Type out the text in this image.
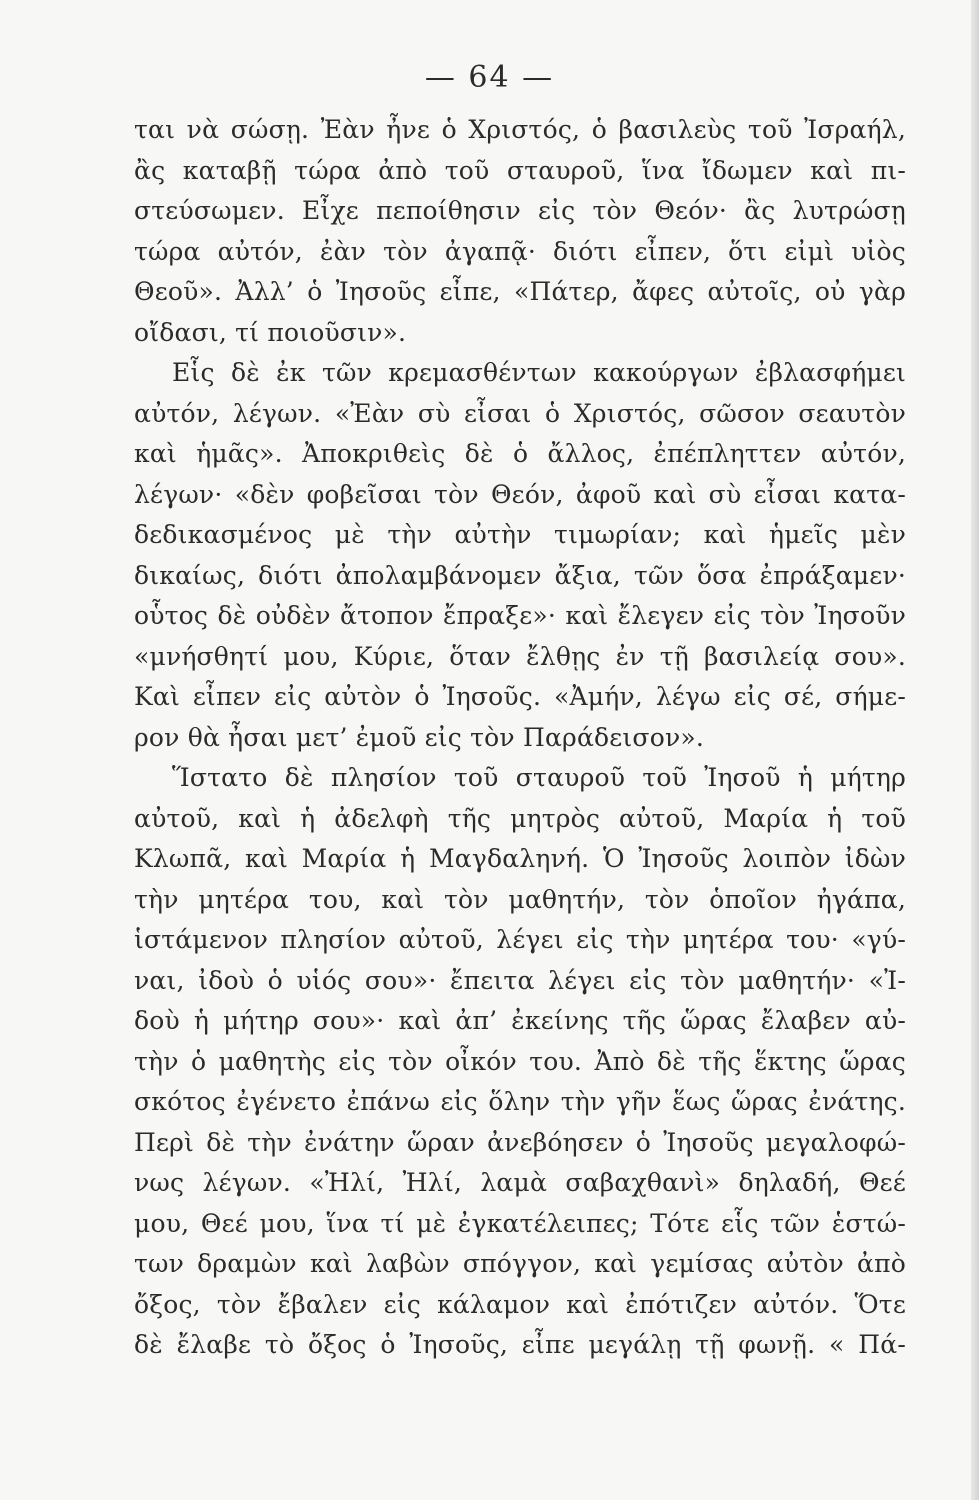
— 64 —
ται νὰ σώσῃ. Ἐὰν ἦνε ὁ Χριστός, ὁ βασιλεὺς τοῦ Ἰσραήλ,
ἂς καταβῇ τώρα ἀπὸ τοῦ σταυροῦ, ἵνα ἴδωμεν καὶ πι-
στεύσωμεν. Εἶχε πεποίθησιν εἰς τὸν Θεόν· ἂς λυτρώσῃ
τώρα αὐτόν, ἐὰν τὸν ἀγαπᾷ· διότι εἶπεν, ὅτι εἰμὶ υἱὸς
Θεοῦ». Ἀλλ’ ὁ Ἰησοῦς εἶπε, «Πάτερ, ἄφες αὐτοῖς, οὐ γὰρ
οἴδασι, τί ποιοῦσιν».
Εἷς δὲ ἐκ τῶν κρεμασθέντων κακούργων ἐβλασφήμει
αὐτόν, λέγων. «Ἐὰν σὺ εἶσαι ὁ Χριστός, σῶσον σεαυτὸν
καὶ ἡμᾶς». Ἀποκριθεὶς δὲ ὁ ἄλλος, ἐπέπληττεν αὐτόν,
λέγων· «δὲν φοβεῖσαι τὸν Θεόν, ἀφοῦ καὶ σὺ εἶσαι κατα-
δεδικασμένος μὲ τὴν αὐτὴν τιμωρίαν; καὶ ἡμεῖς μὲν
δικαίως, διότι ἀπολαμβάνομεν ἄξια, τῶν ὅσα ἐπράξαμεν·
οὗτος δὲ οὐδὲν ἄτοπον ἔπραξε»· καὶ ἔλεγεν εἰς τὸν Ἰησοῦν
«μνήσθητί μου, Κύριε, ὅταν ἔλθῃς ἐν τῇ βασιλείᾳ σου».
Καὶ εἶπεν εἰς αὐτὸν ὁ Ἰησοῦς. «Ἀμήν, λέγω εἰς σέ, σήμε-
ρον θὰ ἦσαι μετ’ ἐμοῦ εἰς τὸν Παράδεισον».
Ἵστατο δὲ πλησίον τοῦ σταυροῦ τοῦ Ἰησοῦ ἡ μήτηρ
αὐτοῦ, καὶ ἡ ἀδελφὴ τῆς μητρὸς αὐτοῦ, Μαρία ἡ τοῦ
Κλωπᾶ, καὶ Μαρία ἡ Μαγδαληνή. Ὁ Ἰησοῦς λοιπὸν ἰδὼν
τὴν μητέρα του, καὶ τὸν μαθητήν, τὸν ὁποῖον ἠγάπα,
ἱστάμενον πλησίον αὐτοῦ, λέγει εἰς τὴν μητέρα του· «γύ-
ναι, ἰδοὺ ὁ υἱός σου»· ἔπειτα λέγει εἰς τὸν μαθητήν· «Ἰ-
δοὺ ἡ μήτηρ σου»· καὶ ἀπ’ ἐκείνης τῆς ὥρας ἔλαβεν αὐ-
τὴν ὁ μαθητὴς εἰς τὸν οἶκόν του. Ἀπὸ δὲ τῆς ἕκτης ὥρας
σκότος ἐγένετο ἐπάνω εἰς ὅλην τὴν γῆν ἕως ὥρας ἐνάτης.
Περὶ δὲ τὴν ἐνάτην ὥραν ἀνεβόησεν ὁ Ἰησοῦς μεγαλοφώ-
νως λέγων. «Ἠλί, Ἠλί, λαμὰ σαβαχθανὶ» δηλαδή, Θεέ
μου, Θεέ μου, ἵνα τί μὲ ἐγκατέλειπες; Τότε εἷς τῶν ἑστώ-
των δραμὼν καὶ λαβὼν σπόγγον, καὶ γεμίσας αὐτὸν ἀπὸ
ὄξος, τὸν ἔβαλεν εἰς κάλαμον καὶ ἐπότιζεν αὐτόν. Ὅτε
δὲ ἔλαβε τὸ ὄξος ὁ Ἰησοῦς, εἶπε μεγάλῃ τῇ φωνῇ. « Πά-
